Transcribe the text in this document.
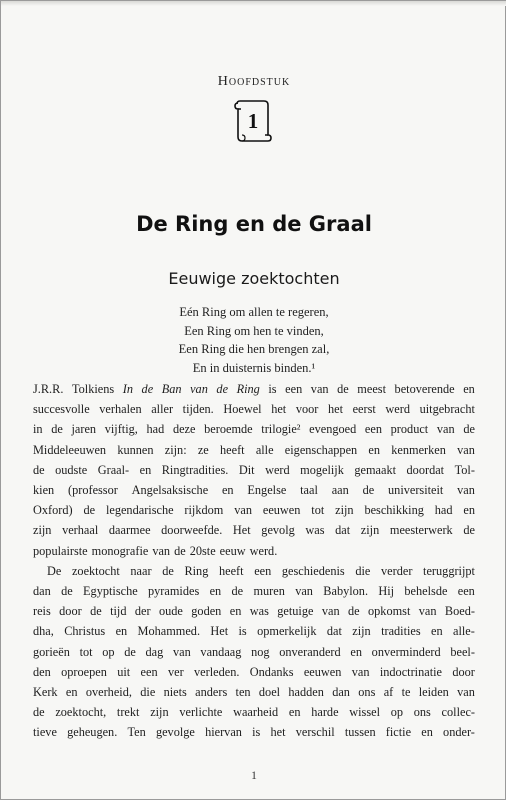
Hoofdstuk
1
De Ring en de Graal
Eeuwige zoektochten
Eén Ring om allen te regeren,
Een Ring om hen te vinden,
Een Ring die hen brengen zal,
En in duisternis binden.¹
J.R.R. Tolkiens In de Ban van de Ring is een van de meest betoverende en
succesvolle verhalen aller tijden. Hoewel het voor het eerst werd uitgebracht
in de jaren vijftig, had deze beroemde trilogie² evengoed een product van de
Middeleeuwen kunnen zijn: ze heeft alle eigenschappen en kenmerken van
de oudste Graal- en Ringtradities. Dit werd mogelijk gemaakt doordat Tol-
kien (professor Angelsaksische en Engelse taal aan de universiteit van
Oxford) de legendarische rijkdom van eeuwen tot zijn beschikking had en
zijn verhaal daarmee doorweefde. Het gevolg was dat zijn meesterwerk de
populairste monografie van de 20ste eeuw werd.
De zoektocht naar de Ring heeft een geschiedenis die verder teruggrijpt
dan de Egyptische pyramides en de muren van Babylon. Hij behelsde een
reis door de tijd der oude goden en was getuige van de opkomst van Boed-
dha, Christus en Mohammed. Het is opmerkelijk dat zijn tradities en alle-
gorieën tot op de dag van vandaag nog onveranderd en onverminderd beel-
den oproepen uit een ver verleden. Ondanks eeuwen van indoctrinatie door
Kerk en overheid, die niets anders ten doel hadden dan ons af te leiden van
de zoektocht, trekt zijn verlichte waarheid en harde wissel op ons collec-
tieve geheugen. Ten gevolge hiervan is het verschil tussen fictie en onder-
1
